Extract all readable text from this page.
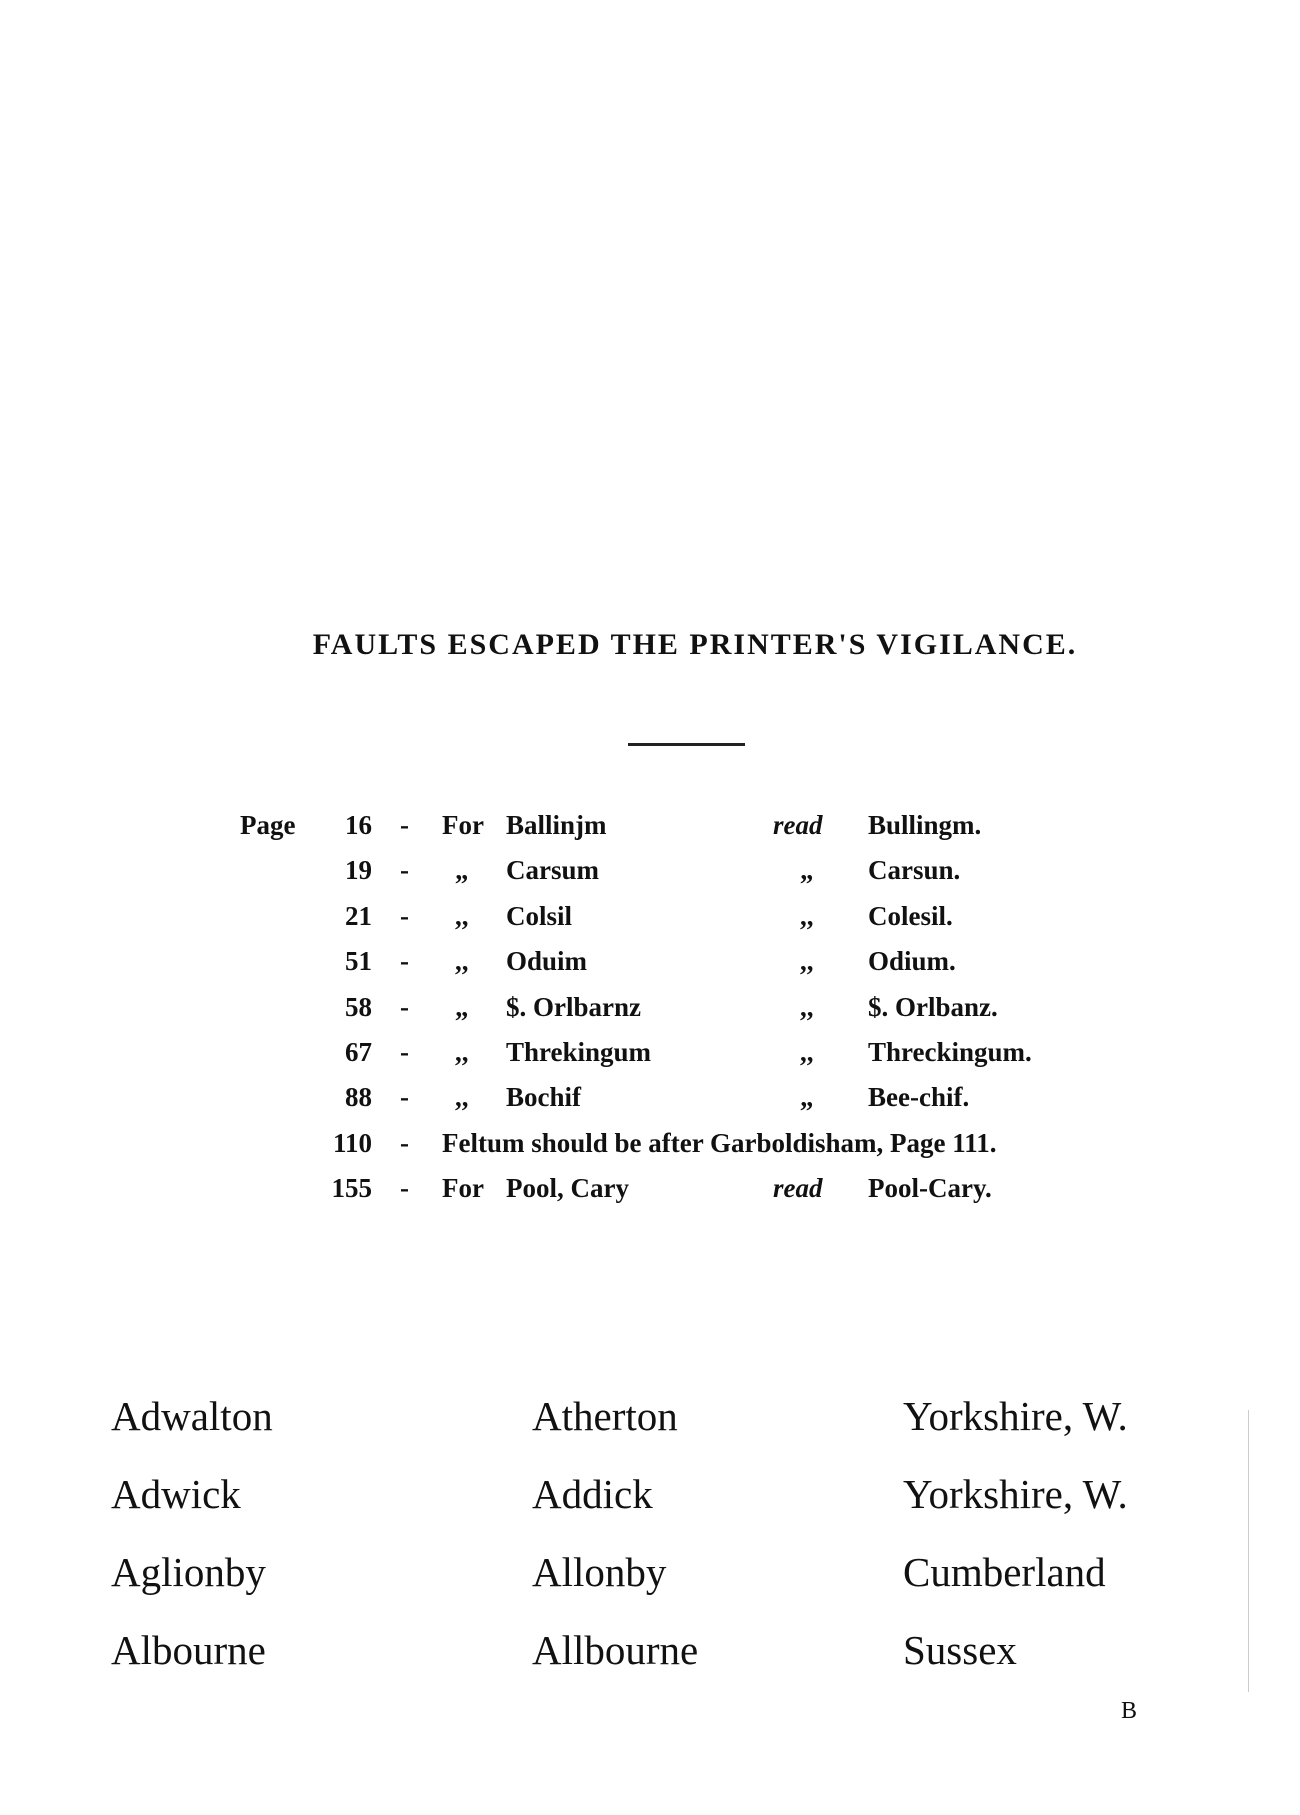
FAULTS ESCAPED THE PRINTER'S VIGILANCE.
Page	16 - For Ballinjm	read Bullingm.
19 - „ Carsum	„ Carsun.
21 - ,, Colsil	,, Colesil.
51 - ,, Oduim	,, Odium.
58 - „ $. Orlbarnz	,, $. Orlbanz.
67 - ,, Threkingum	,, Threckingum.
88 - ,, Bochif	„ Bee-chif.
110 - Feltum should be after Garboldisham, Page 111.
155 - For Pool, Cary	read Pool-Cary.
Adwalton	Atherton	Yorkshire, W.
Adwick	Addick	Yorkshire, W.
Aglionby	Allonby	Cumberland
Albourne	Allbourne	Sussex
B
